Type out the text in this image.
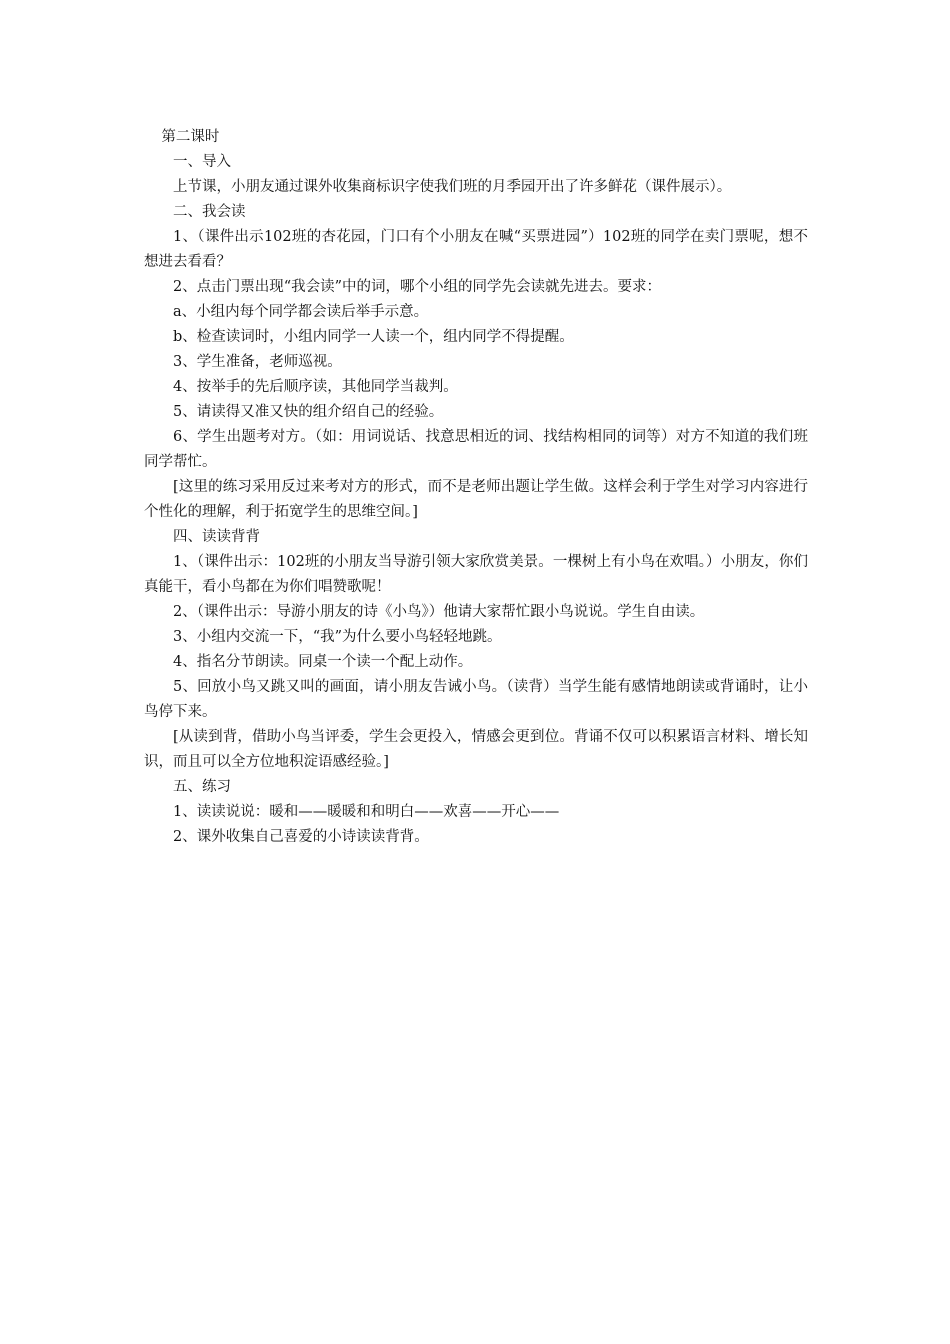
第二课时

一、导入

上节课，小朋友通过课外收集商标识字使我们班的月季园开出了许多鲜花（课件展示）。

二、我会读

1、（课件出示102班的杏花园，门口有个小朋友在喊“买票进园”）102班的同学在卖门票呢，想不想进去看看？

2、点击门票出现“我会读”中的词，哪个小组的同学先会读就先进去。要求：

a、小组内每个同学都会读后举手示意。

b、检查读词时，小组内同学一人读一个，组内同学不得提醒。

3、学生准备，老师巡视。

4、按举手的先后顺序读，其他同学当裁判。

5、请读得又准又快的组介绍自己的经验。

6、学生出题考对方。（如：用词说话、找意思相近的词、找结构相同的词等）对方不知道的我们班同学帮忙。

[这里的练习采用反过来考对方的形式，而不是老师出题让学生做。这样会利于学生对学习内容进行个性化的理解，利于拓宽学生的思维空间。]

四、读读背背

1、（课件出示：102班的小朋友当导游引领大家欣赏美景。一棵树上有小鸟在欢唱。）小朋友，你们真能干，看小鸟都在为你们唱赞歌呢！

2、（课件出示：导游小朋友的诗《小鸟》）他请大家帮忙跟小鸟说说。学生自由读。

3、小组内交流一下，“我”为什么要小鸟轻轻地跳。

4、指名分节朗读。同桌一个读一个配上动作。

5、回放小鸟又跳又叫的画面，请小朋友告诫小鸟。（读背）当学生能有感情地朗读或背诵时，让小鸟停下来。

[从读到背，借助小鸟当评委，学生会更投入，情感会更到位。背诵不仅可以积累语言材料、增长知识，而且可以全方位地积淀语感经验。]

五、练习

1、读读说说：暖和——暖暖和和明白——欢喜——开心——

2、课外收集自己喜爱的小诗读读背背。
